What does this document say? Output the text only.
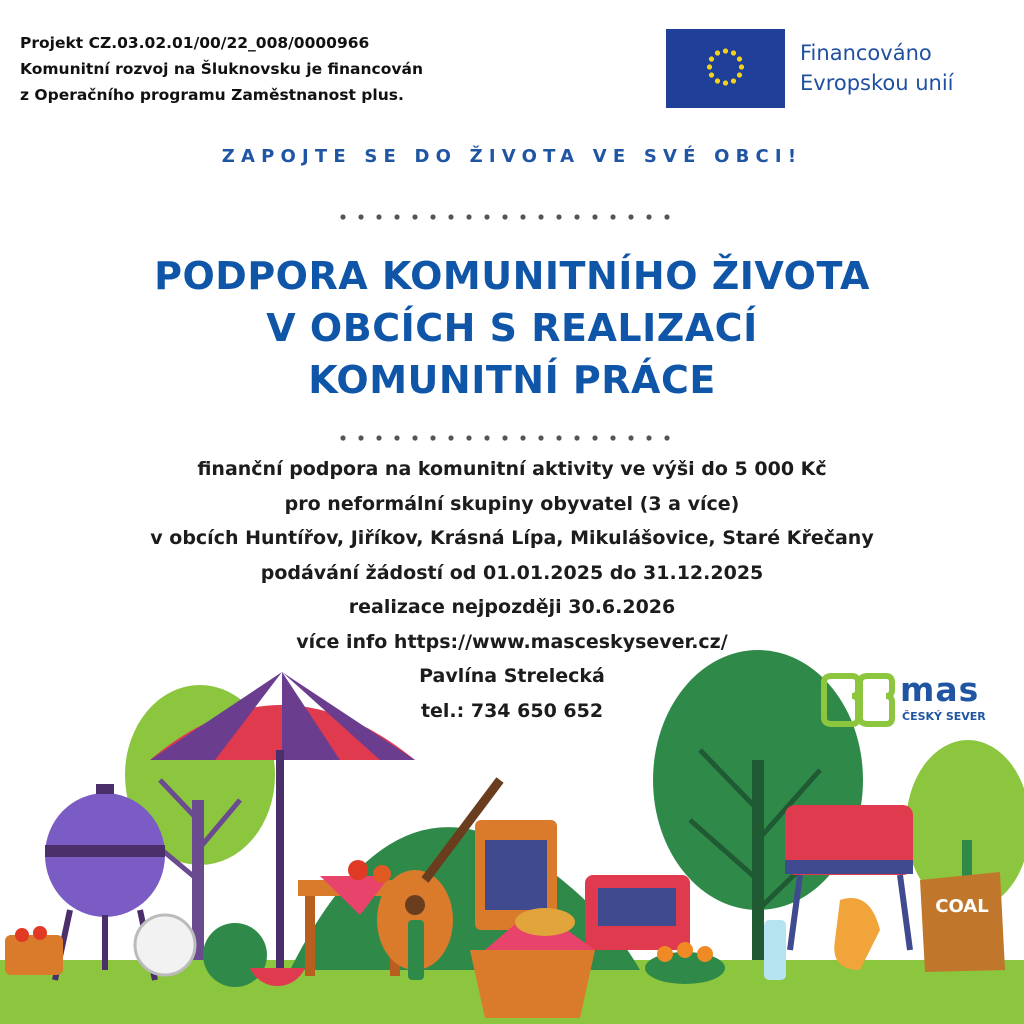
Projekt CZ.03.02.01/00/22_008/0000966
Komunitní rozvoj na Šluknovsku je financován
z Operačního programu Zaměstnanost plus.
Financováno
Evropskou unií
ZAPOJTE SE DO ŽIVOTA VE SVÉ OBCI!
PODPORA KOMUNITNÍHO ŽIVOTA
V OBCÍCH S REALIZACÍ
KOMUNITNÍ PRÁCE
COAL
finanční podpora na komunitní aktivity ve výši do 5 000 Kč
pro neformální skupiny obyvatel (3 a více)
v obcích Huntířov, Jiříkov, Krásná Lípa, Mikulášovice, Staré Křečany
podávání žádostí od 01.01.2025 do 31.12.2025
realizace nejpozději 30.6.2026
více info https://www.masceskysever.cz/
Pavlína Strelecká
tel.: 734 650 652
mas
ČESKÝ SEVER
